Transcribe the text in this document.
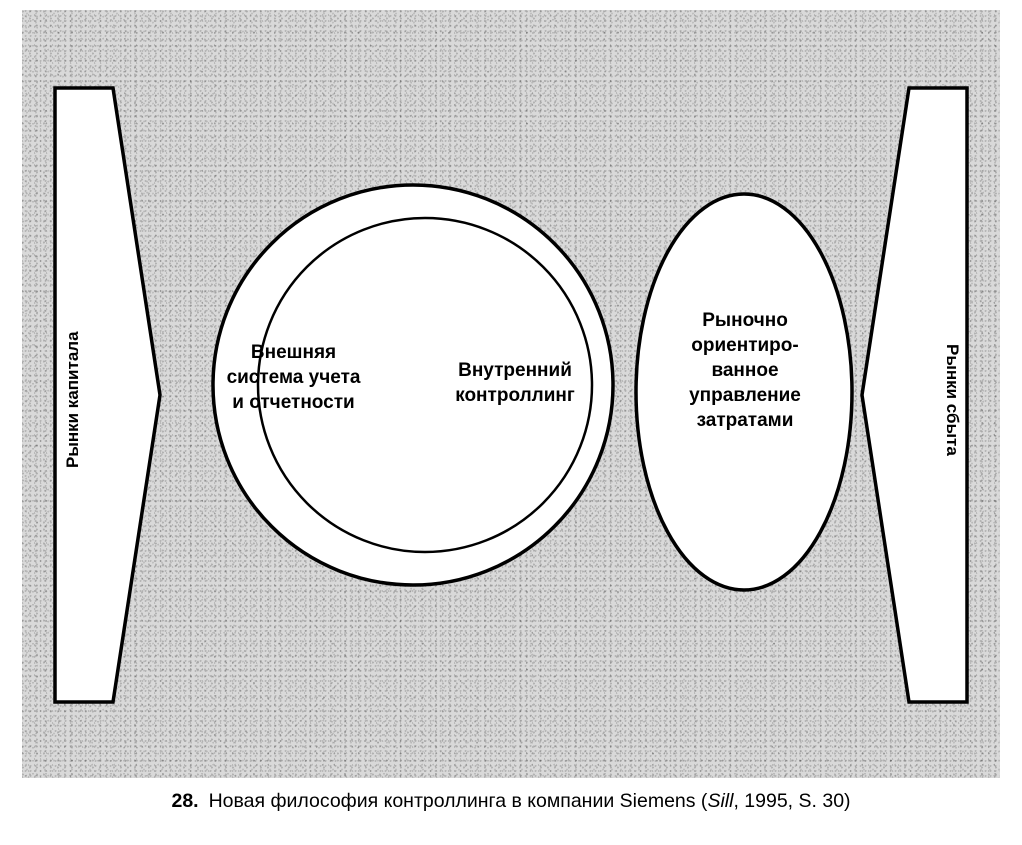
Внешняя
система учета
и отчетности
Внутренний
контроллинг
Рыночно
ориентиро-
ванное
управление
затратами
Рынки капитала	Рынки сбыта
28. Новая философия контроллинга в компании Siemens (Sill, 1995, S. 30)
